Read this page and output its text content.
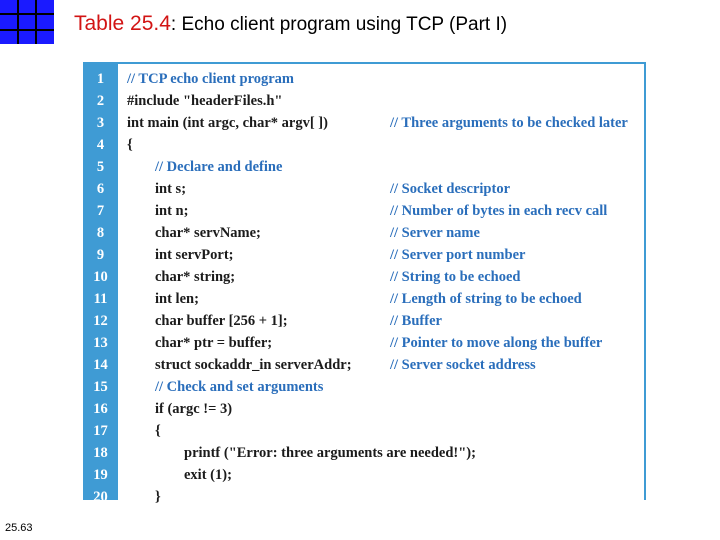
Table 25.4: Echo client program using TCP (Part I)
1	// TCP echo client program
2	#include "headerFiles.h"
3	int main (int argc, char* argv[ ])	// Three arguments to be checked later
4	{
5	// Declare and define
6	int s;	// Socket descriptor
7	int n;	// Number of bytes in each recv call
8	char* servName;	// Server name
9	int servPort;	// Server port number
10	char* string;	// String to be echoed
11	int len;	// Length of string to be echoed
12	char buffer [256 + 1];	// Buffer
13	char* ptr = buffer;	// Pointer to move along the buffer
14	struct sockaddr_in serverAddr;	// Server socket address
15	// Check and set arguments
16	if (argc != 3)
17	{
18	printf ("Error: three arguments are needed!");
19	exit (1);
20	}
25.63
